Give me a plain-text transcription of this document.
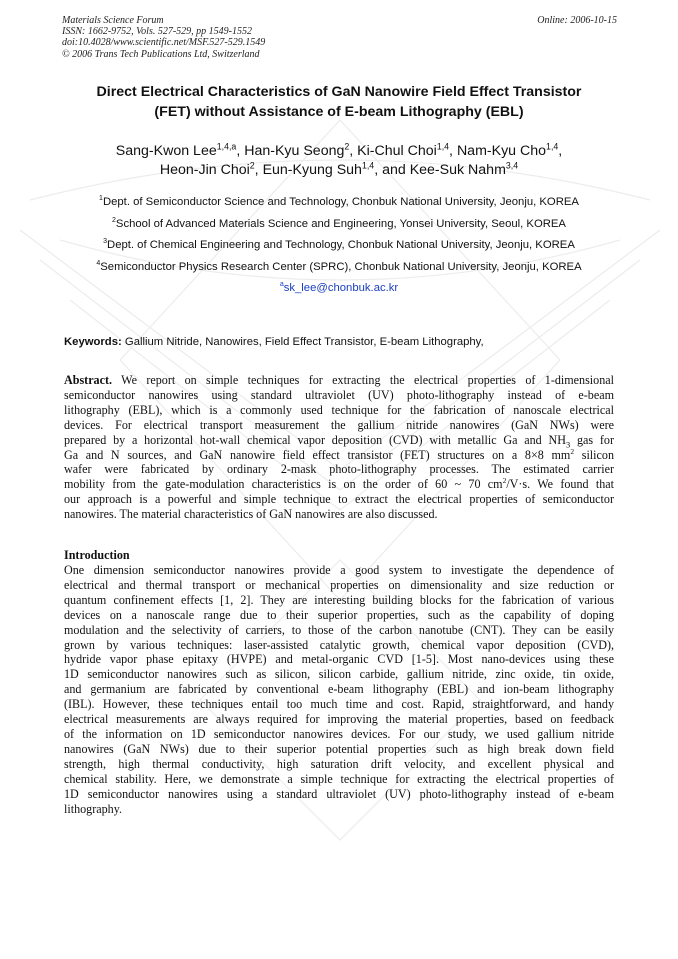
Materials Science Forum
ISSN: 1662-9752, Vols. 527-529, pp 1549-1552
doi:10.4028/www.scientific.net/MSF.527-529.1549
© 2006 Trans Tech Publications Ltd, Switzerland
Online: 2006-10-15
Direct Electrical Characteristics of GaN Nanowire Field Effect Transistor
(FET) without Assistance of E-beam Lithography (EBL)
Sang-Kwon Lee$^{1,4,a}$, Han-Kyu Seong$^2$, Ki-Chul Choi$^{1,4}$, Nam-Kyu Cho$^{1,4}$,
Heon-Jin Choi$^2$, Eun-Kyung Suh$^{1,4}$, and Kee-Suk Nahm$^{3,4}$
$^1$Dept. of Semiconductor Science and Technology, Chonbuk National University, Jeonju, KOREA
$^2$School of Advanced Materials Science and Engineering, Yonsei University, Seoul, KOREA
$^3$Dept. of Chemical Engineering and Technology, Chonbuk National University, Jeonju, KOREA
$^4$Semiconductor Physics Research Center (SPRC), Chonbuk National University, Jeonju, KOREA
$^a$sk_lee@chonbuk.ac.kr
Keywords: Gallium Nitride, Nanowires, Field Effect Transistor, E-beam Lithography,
Abstract. We report on simple techniques for extracting the electrical properties of 1-dimensional
semiconductor nanowires using standard ultraviolet (UV) photo-lithography instead of e-beam
lithography (EBL), which is a commonly used technique for the fabrication of nanoscale electrical
devices. For electrical transport measurement the gallium nitride nanowires (GaN NWs) were
prepared by a horizontal hot-wall chemical vapor deposition (CVD) with metallic Ga and $NH_3$ gas for
Ga and N sources, and GaN nanowire field effect transistor (FET) structures on a 8×8 $mm^2$ silicon
wafer were fabricated by ordinary 2-mask photo-lithography processes. The estimated carrier
mobility from the gate-modulation characteristics is on the order of 60 ~ 70 $cm^2/V\cdot s$. We found that
our approach is a powerful and simple technique to extract the electrical properties of semiconductor
nanowires. The material characteristics of GaN nanowires are also discussed.
Introduction
One dimension semiconductor nanowires provide a good system to investigate the dependence of
electrical and thermal transport or mechanical properties on dimensionality and size reduction or
quantum confinement effects [1, 2]. They are interesting building blocks for the fabrication of various
devices on a nanoscale range due to their superior properties, such as the capability of doping
modulation and the selectivity of carriers, to those of the carbon nanotube (CNT). They can be easily
grown by various techniques: laser-assisted catalytic growth, chemical vapor deposition (CVD),
hydride vapor phase epitaxy (HVPE) and metal-organic CVD [1-5]. Most nano-devices using these
1D semiconductor nanowires such as silicon, silicon carbide, gallium nitride, zinc oxide, tin oxide,
and germanium are fabricated by conventional e-beam lithography (EBL) and ion-beam lithography
(IBL). However, these techniques entail too much time and cost. Rapid, straightforward, and handy
electrical measurements are always required for improving the material properties, based on feedback
of the information on 1D semiconductor nanowires devices. For our study, we used gallium nitride
nanowires (GaN NWs) due to their superior potential properties such as high break down field
strength, high thermal conductivity, high saturation drift velocity, and excellent physical and
chemical stability. Here, we demonstrate a simple technique for extracting the electrical properties of
1D semiconductor nanowires using a standard ultraviolet (UV) photo-lithography instead of e-beam
lithography.
